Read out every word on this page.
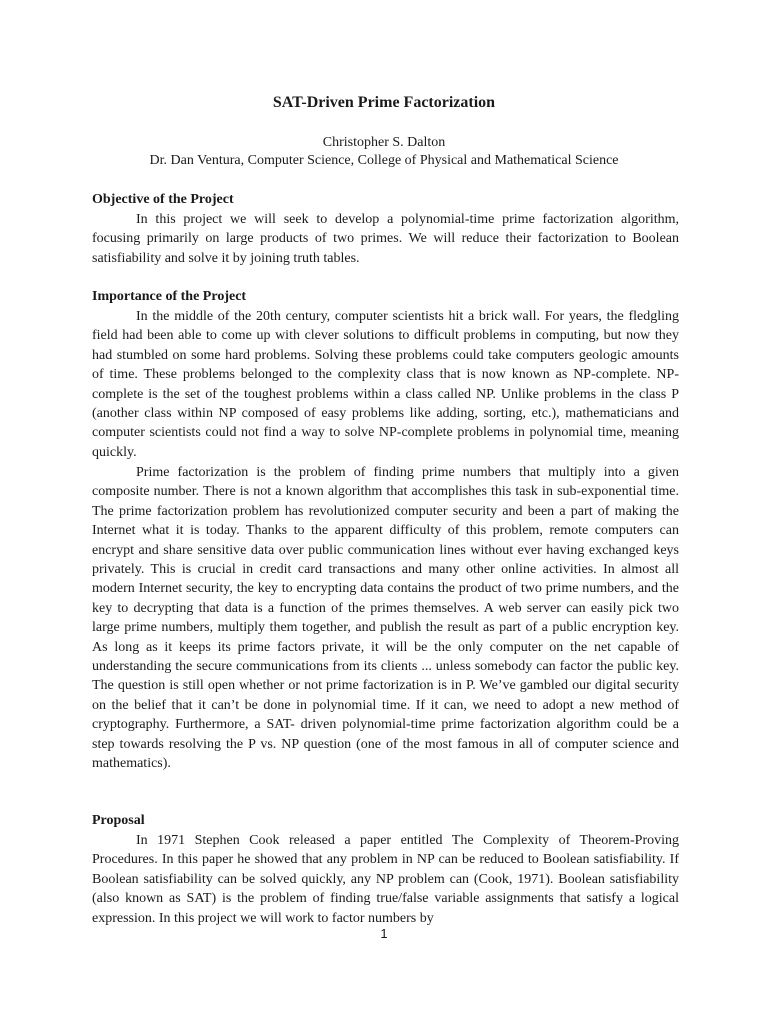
SAT-Driven Prime Factorization
Christopher S. Dalton
Dr. Dan Ventura, Computer Science, College of Physical and Mathematical Science
Objective of the Project

In this project we will seek to develop a polynomial-time prime factorization algorithm, focusing primarily on large products of two primes. We will reduce their factorization to Boolean satisfiability and solve it by joining truth tables.

Importance of the Project

In the middle of the 20th century, computer scientists hit a brick wall. For years, the fledgling field had been able to come up with clever solutions to difficult problems in computing, but now they had stumbled on some hard problems. Solving these problems could take computers geologic amounts of time. These problems belonged to the complexity class that is now known as NP-complete. NP-complete is the set of the toughest problems within a class called NP. Unlike problems in the class P (another class within NP composed of easy problems like adding, sorting, etc.), mathematicians and computer scientists could not find a way to solve NP-complete problems in polynomial time, meaning quickly.

Prime factorization is the problem of finding prime numbers that multiply into a given composite number. There is not a known algorithm that accomplishes this task in sub-exponential time. The prime factorization problem has revolutionized computer security and been a part of making the Internet what it is today. Thanks to the apparent difficulty of this problem, remote computers can encrypt and share sensitive data over public communication lines without ever having exchanged keys privately. This is crucial in credit card transactions and many other online activities. In almost all modern Internet security, the key to encrypting data contains the product of two prime numbers, and the key to decrypting that data is a function of the primes themselves. A web server can easily pick two large prime numbers, multiply them together, and publish the result as part of a public encryption key. As long as it keeps its prime factors private, it will be the only computer on the net capable of understanding the secure communications from its clients ... unless somebody can factor the public key. The question is still open whether or not prime factorization is in P. We’ve gambled our digital security on the belief that it can’t be done in polynomial time. If it can, we need to adopt a new method of cryptography. Furthermore, a SAT- driven polynomial-time prime factorization algorithm could be a step towards resolving the P vs. NP question (one of the most famous in all of computer science and mathematics).

Proposal

In 1971 Stephen Cook released a paper entitled The Complexity of Theorem-Proving Procedures. In this paper he showed that any problem in NP can be reduced to Boolean satisfiability. If Boolean satisfiability can be solved quickly, any NP problem can (Cook, 1971). Boolean satisfiability (also known as SAT) is the problem of finding true/false variable assignments that satisfy a logical expression. In this project we will work to factor numbers by

1
